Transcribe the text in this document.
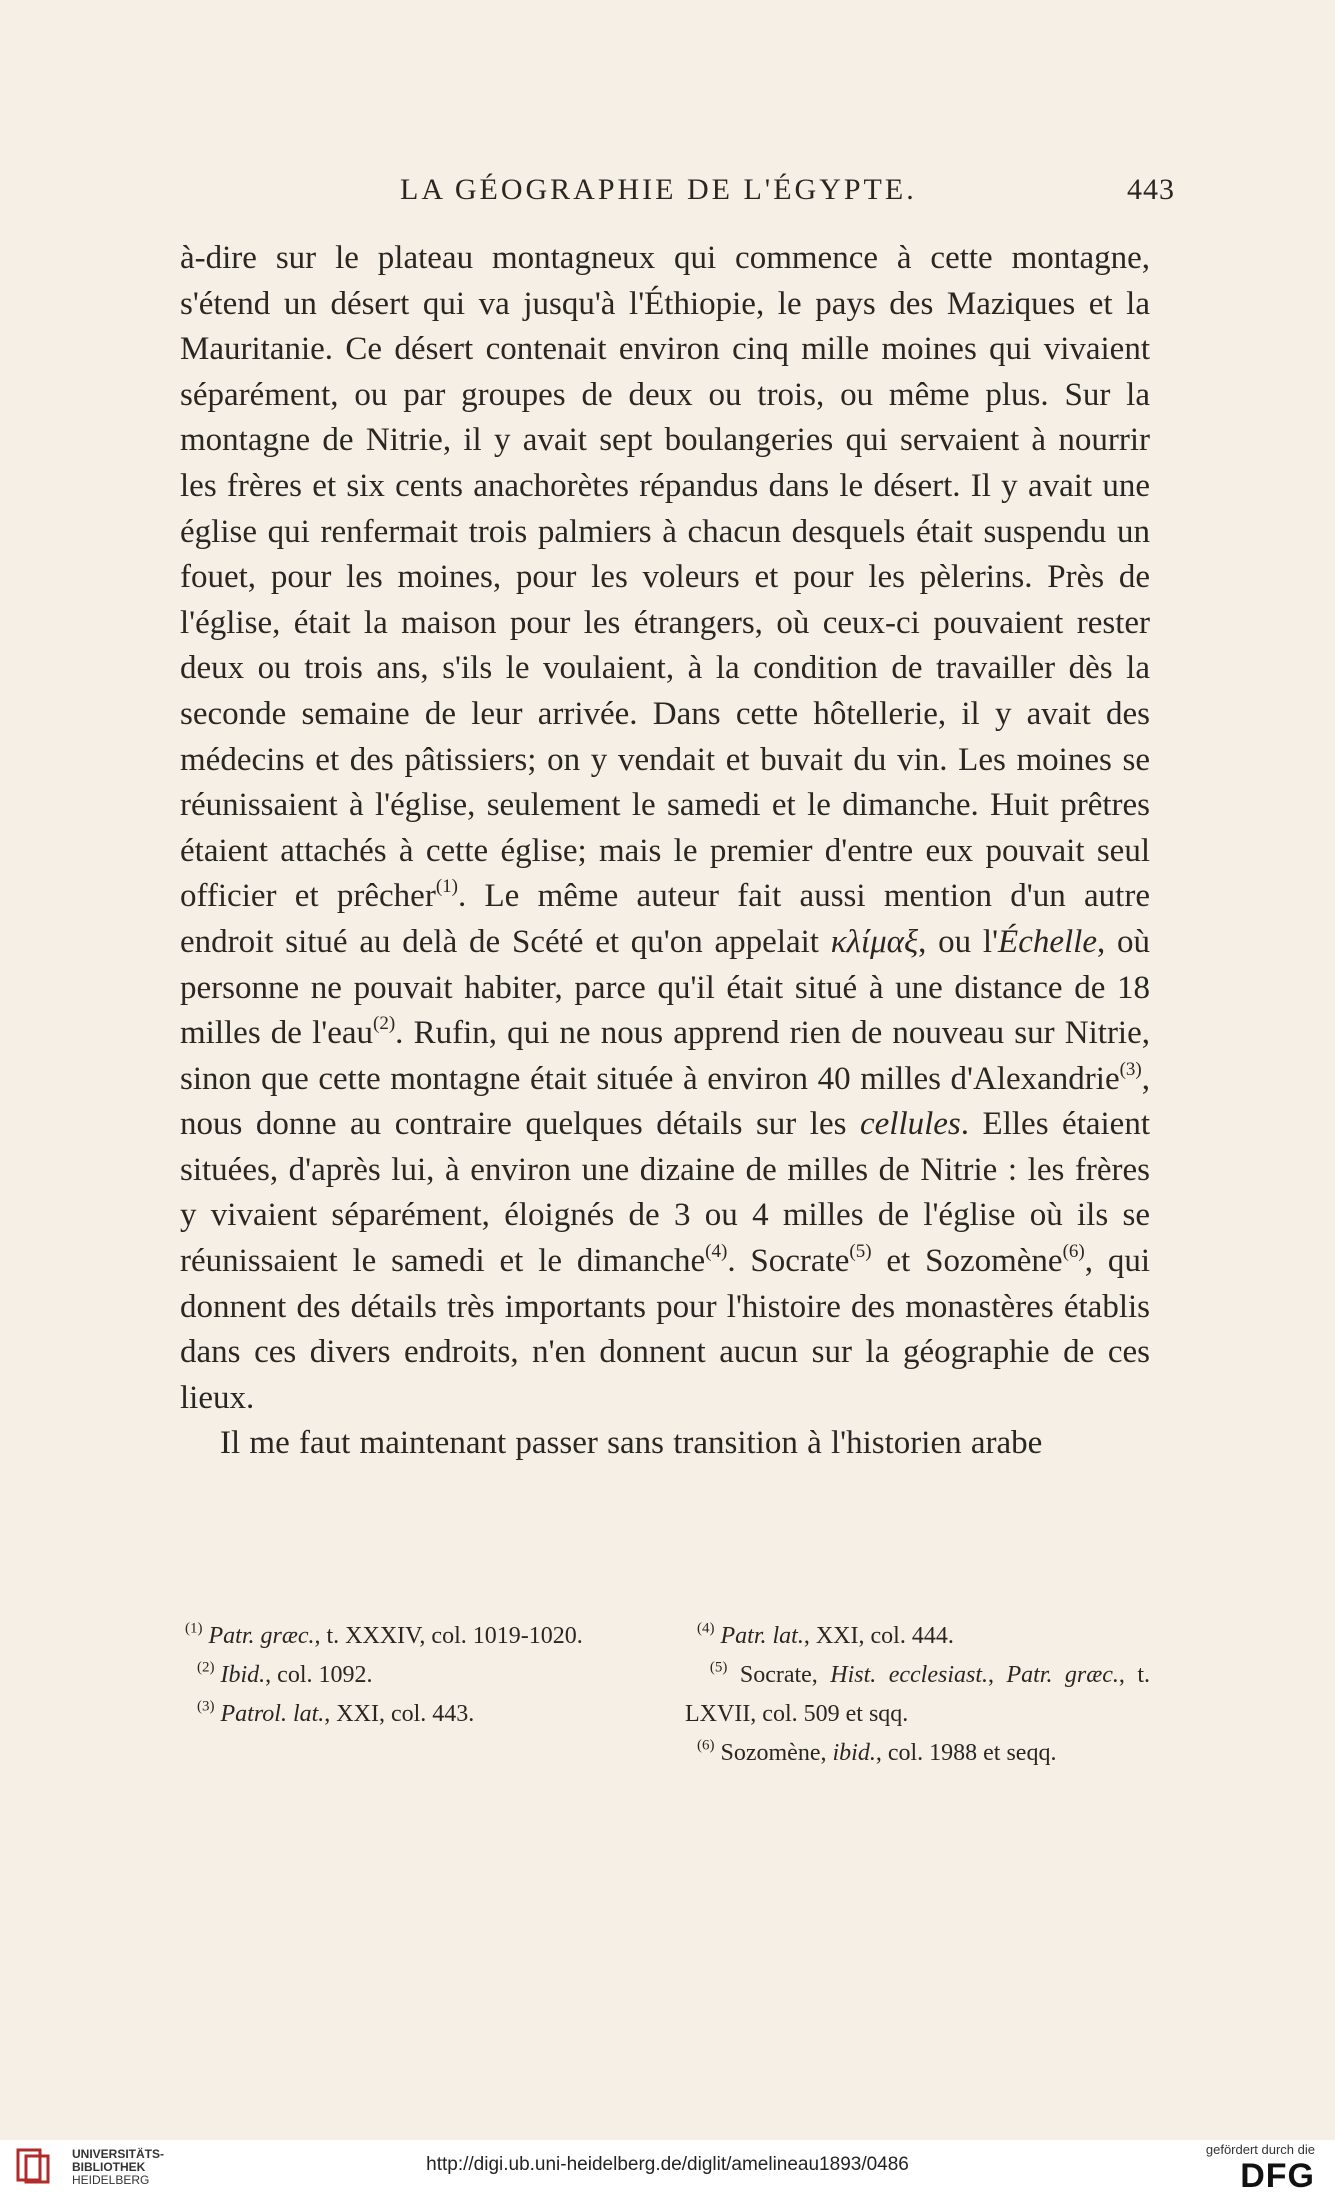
LA GÉOGRAPHIE DE L'ÉGYPTE.	443

à-dire sur le plateau montagneux qui commence à cette montagne, s'étend un désert qui va jusqu'à l'Éthiopie, le pays des Maziques et la Mauritanie. Ce désert contenait environ cinq mille moines qui vivaient séparément, ou par groupes de deux ou trois, ou même plus. Sur la montagne de Nitrie, il y avait sept boulangeries qui servaient à nourrir les frères et six cents anachorètes répandus dans le désert. Il y avait une église qui renfermait trois palmiers à chacun desquels était suspendu un fouet, pour les moines, pour les voleurs et pour les pèlerins. Près de l'église, était la maison pour les étrangers, où ceux-ci pouvaient rester deux ou trois ans, s'ils le voulaient, à la condition de travailler dès la seconde semaine de leur arrivée. Dans cette hôtellerie, il y avait des médecins et des pâtissiers; on y vendait et buvait du vin. Les moines se réunissaient à l'église, seulement le samedi et le dimanche. Huit prêtres étaient attachés à cette église; mais le premier d'entre eux pouvait seul officier et prêcher$^{(1)}$. Le même auteur fait aussi mention d'un autre endroit situé au delà de Scété et qu'on appelait κλίμαξ, ou l'Échelle, où personne ne pouvait habiter, parce qu'il était situé à une distance de 18 milles de l'eau$^{(2)}$. Rufin, qui ne nous apprend rien de nouveau sur Nitrie, sinon que cette montagne était située à environ 40 milles d'Alexandrie$^{(3)}$, nous donne au contraire quelques détails sur les cellules. Elles étaient situées, d'après lui, à environ une dizaine de milles de Nitrie : les frères y vivaient séparément, éloignés de 3 ou 4 milles de l'église où ils se réunissaient le samedi et le dimanche$^{(4)}$. Socrate$^{(5)}$ et Sozomène$^{(6)}$, qui donnent des détails très importants pour l'histoire des monastères établis dans ces divers endroits, n'en donnent aucun sur la géographie de ces lieux.

Il me faut maintenant passer sans transition à l'historien arabe

$^{(1)}$ Patr. græc., t. XXXIV, col. 1019-1020.

$^{(2)}$ Ibid., col. 1092.

$^{(3)}$ Patrol. lat., XXI, col. 443.

$^{(4)}$ Patr. lat., XXI, col. 444.

$^{(5)}$ Socrate, Hist. ecclesiast., Patr. græc., t. LXVII, col. 509 et sqq.

$^{(6)}$ Sozomène, ibid., col. 1988 et seqq.

UNIVERSITÄTS-
BIBLIOTHEK
HEIDELBERG
http://digi.ub.uni-heidelberg.de/diglit/amelineau1893/0486
gefördert durch die
DFG
